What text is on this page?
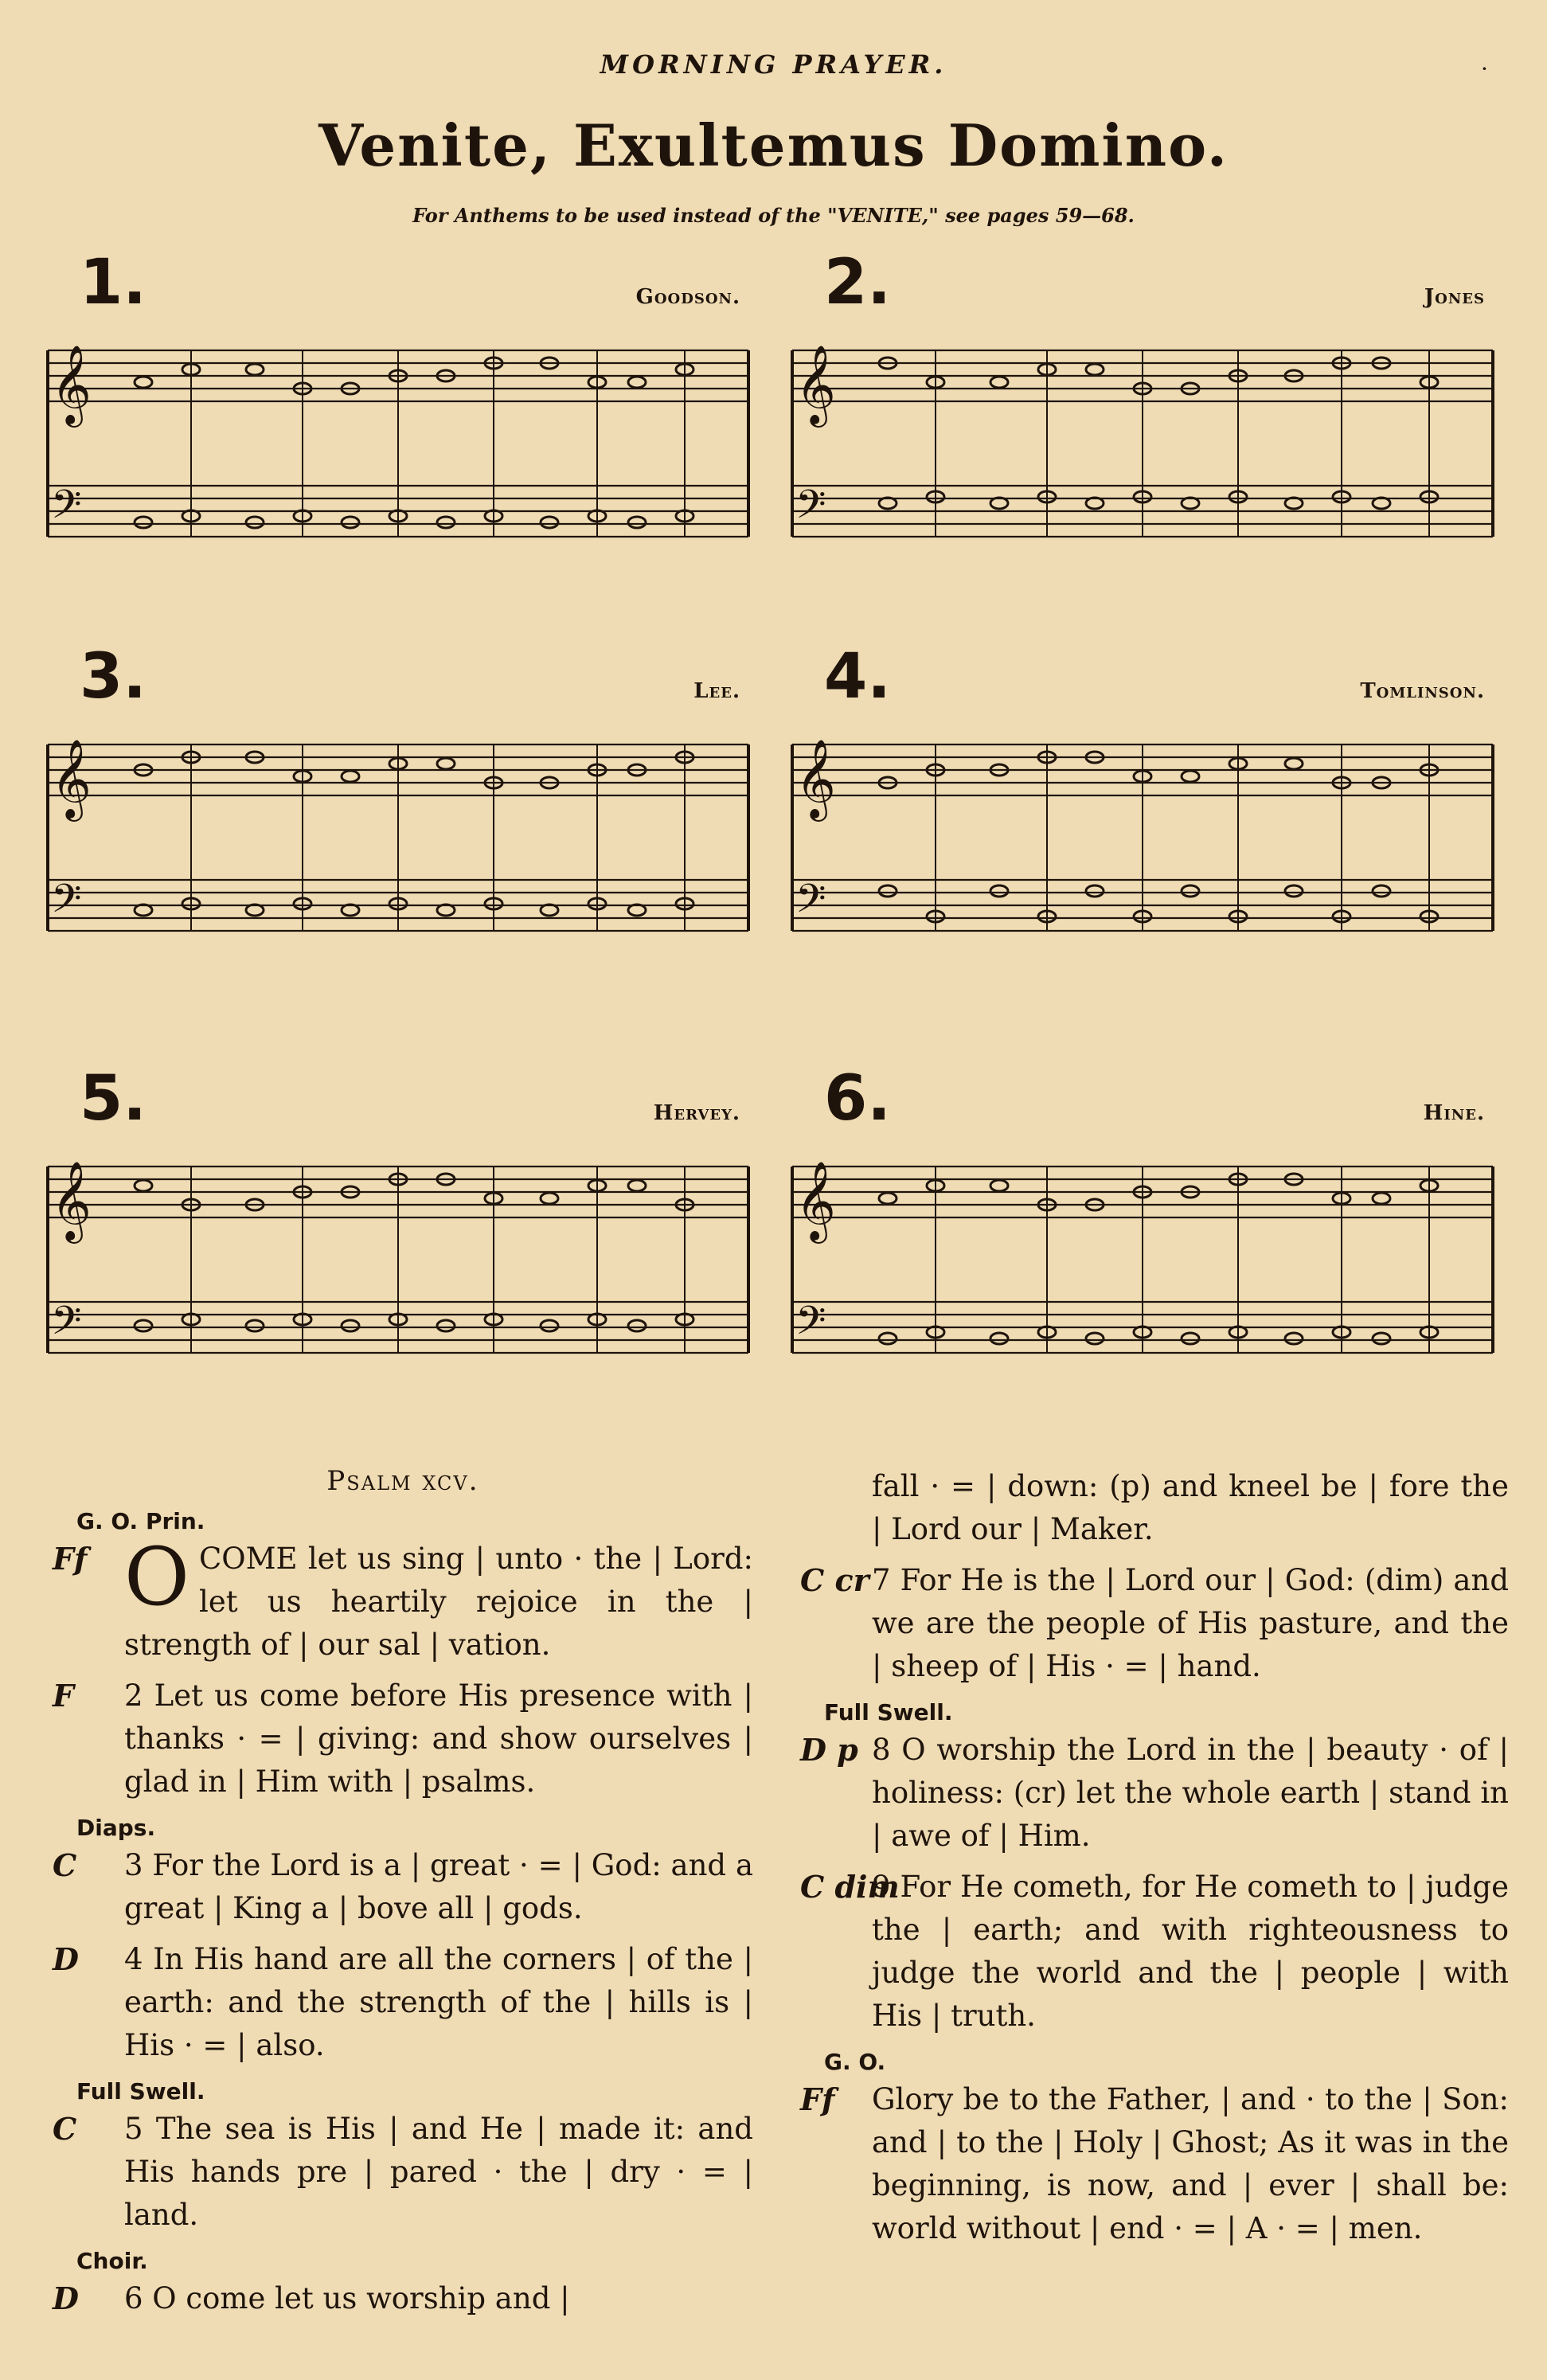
MORNING PRAYER.	·
Venite, Exultemus Domino.
For Anthems to be used instead of the "VENITE," see pages 59—68.
1.	Goodson.
𝄞
𝄢
2.	Jones
𝄞
𝄢
3.	Lee.
𝄞
𝄢
4.	Tomlinson.
𝄞
𝄢
5.	Hervey.
𝄞
𝄢
6.	Hine.
𝄞
𝄢
Psalm xcv.
G. O. Prin.
Ff O COME let us sing | unto · the | Lord: let us heartily rejoice in the | strength of | our sal | vation.
F 2 Let us come before His presence with | thanks · = | giving: and show ourselves | glad in | Him with | psalms.
Diaps.
C 3 For the Lord is a | great · = | God: and a great | King a | bove all | gods.
D 4 In His hand are all the corners | of the | earth: and the strength of the | hills is | His · = | also.
Full Swell.
C 5 The sea is His | and He | made it: and His hands pre | pared · the | dry · = | land.
Choir.
D 6 O come let us worship and |
fall · = | down: (p) and kneel be | fore the | Lord our | Maker.
C cr 7 For He is the | Lord our | God: (dim) and we are the people of His pasture, and the | sheep of | His · = | hand.
Full Swell.
D p 8 O worship the Lord in the | beauty · of | holiness: (cr) let the whole earth | stand in | awe of | Him.
C dim
9 For He cometh, for He cometh to | judge the | earth; and with righteousness to judge the world and the | people | with His | truth.
G. O.
Ff Glory be to the Father, | and · to the | Son: and | to the | Holy | Ghost; As it was in the beginning, is now, and | ever | shall be: world without | end · = | A · = | men.
